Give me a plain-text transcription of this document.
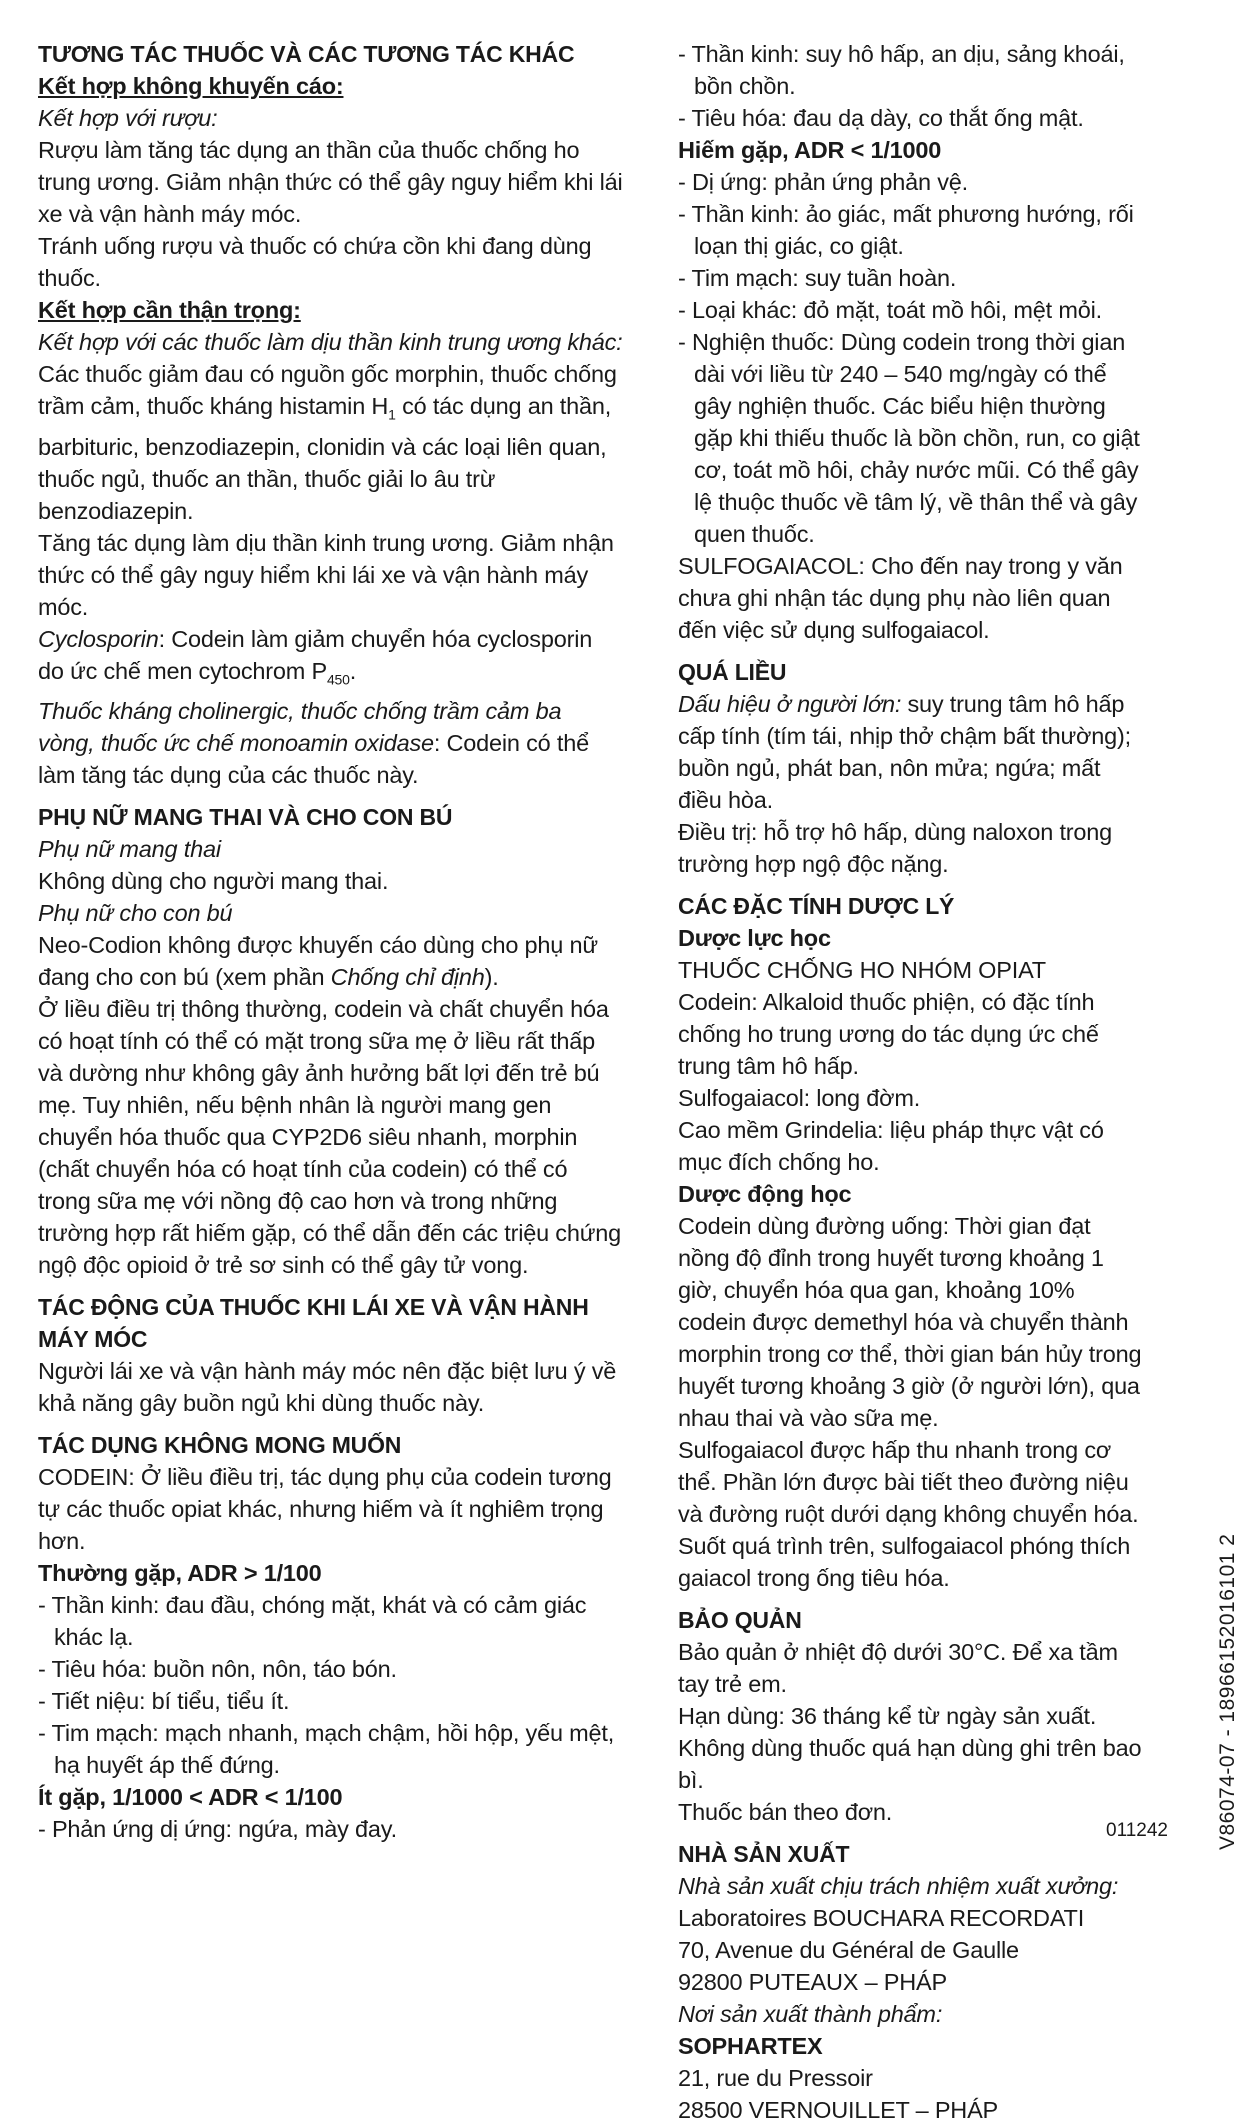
TƯƠNG TÁC THUỐC VÀ CÁC TƯƠNG TÁC KHÁC

Kết hợp không khuyến cáo:

Kết hợp với rượu:

Rượu làm tăng tác dụng an thần của thuốc chống ho trung ương. Giảm nhận thức có thể gây nguy hiểm khi lái xe và vận hành máy móc.

Tránh uống rượu và thuốc có chứa cồn khi đang dùng thuốc.

Kết hợp cần thận trọng:

Kết hợp với các thuốc làm dịu thần kinh trung ương khác:

Các thuốc giảm đau có nguồn gốc morphin, thuốc chống trầm cảm, thuốc kháng histamin $H_1$ có tác dụng an thần, barbituric, benzodiazepin, clonidin và các loại liên quan, thuốc ngủ, thuốc an thần, thuốc giải lo âu trừ benzodiazepin.

Tăng tác dụng làm dịu thần kinh trung ương. Giảm nhận thức có thể gây nguy hiểm khi lái xe và vận hành máy móc.

Cyclosporin: Codein làm giảm chuyển hóa cyclosporin do ức chế men cytochrom $P_{450}$.

Thuốc kháng cholinergic, thuốc chống trầm cảm ba vòng, thuốc ức chế monoamin oxidase: Codein có thể làm tăng tác dụng của các thuốc này.

PHỤ NỮ MANG THAI VÀ CHO CON BÚ

Phụ nữ mang thai

Không dùng cho người mang thai.

Phụ nữ cho con bú

Neo-Codion không được khuyến cáo dùng cho phụ nữ đang cho con bú (xem phần Chống chỉ định).

Ở liều điều trị thông thường, codein và chất chuyển hóa có hoạt tính có thể có mặt trong sữa mẹ ở liều rất thấp và dường như không gây ảnh hưởng bất lợi đến trẻ bú mẹ. Tuy nhiên, nếu bệnh nhân là người mang gen chuyển hóa thuốc qua CYP2D6 siêu nhanh, morphin (chất chuyển hóa có hoạt tính của codein) có thể có trong sữa mẹ với nồng độ cao hơn và trong những trường hợp rất hiếm gặp, có thể dẫn đến các triệu chứng ngộ độc opioid ở trẻ sơ sinh có thể gây tử vong.

TÁC ĐỘNG CỦA THUỐC KHI LÁI XE VÀ VẬN HÀNH MÁY MÓC

Người lái xe và vận hành máy móc nên đặc biệt lưu ý về khả năng gây buồn ngủ khi dùng thuốc này.

TÁC DỤNG KHÔNG MONG MUỐN

CODEIN: Ở liều điều trị, tác dụng phụ của codein tương tự các thuốc opiat khác, nhưng hiếm và ít nghiêm trọng hơn.

Thường gặp, ADR > 1/100

- Thần kinh: đau đầu, chóng mặt, khát và có cảm giác khác lạ.

- Tiêu hóa: buồn nôn, nôn, táo bón.

- Tiết niệu: bí tiểu, tiểu ít.

- Tim mạch: mạch nhanh, mạch chậm, hồi hộp, yếu mệt, hạ huyết áp thế đứng.

Ít gặp, 1/1000 < ADR < 1/100

- Phản ứng dị ứng: ngứa, mày đay.

- Thần kinh: suy hô hấp, an dịu, sảng khoái, bồn chồn.

- Tiêu hóa: đau dạ dày, co thắt ống mật.

Hiếm gặp, ADR < 1/1000

- Dị ứng: phản ứng phản vệ.

- Thần kinh: ảo giác, mất phương hướng, rối loạn thị giác, co giật.

- Tim mạch: suy tuần hoàn.

- Loại khác: đỏ mặt, toát mồ hôi, mệt mỏi.

- Nghiện thuốc: Dùng codein trong thời gian dài với liều từ 240 – 540 mg/ngày có thể gây nghiện thuốc. Các biểu hiện thường gặp khi thiếu thuốc là bồn chồn, run, co giật cơ, toát mồ hôi, chảy nước mũi. Có thể gây lệ thuộc thuốc về tâm lý, về thân thể và gây quen thuốc.

SULFOGAIACOL: Cho đến nay trong y văn chưa ghi nhận tác dụng phụ nào liên quan đến việc sử dụng sulfogaiacol.

QUÁ LIỀU

Dấu hiệu ở người lớn: suy trung tâm hô hấp cấp tính (tím tái, nhịp thở chậm bất thường); buồn ngủ, phát ban, nôn mửa; ngứa; mất điều hòa.

Điều trị: hỗ trợ hô hấp, dùng naloxon trong trường hợp ngộ độc nặng.

CÁC ĐẶC TÍNH DƯỢC LÝ

Dược lực học

THUỐC CHỐNG HO NHÓM OPIAT

Codein: Alkaloid thuốc phiện, có đặc tính chống ho trung ương do tác dụng ức chế trung tâm hô hấp.

Sulfogaiacol: long đờm.

Cao mềm Grindelia: liệu pháp thực vật có mục đích chống ho.

Dược động học

Codein dùng đường uống: Thời gian đạt nồng độ đỉnh trong huyết tương khoảng 1 giờ, chuyển hóa qua gan, khoảng 10% codein được demethyl hóa và chuyển thành morphin trong cơ thể, thời gian bán hủy trong huyết tương khoảng 3 giờ (ở người lớn), qua nhau thai và vào sữa mẹ.

Sulfogaiacol được hấp thu nhanh trong cơ thể. Phần lớn được bài tiết theo đường niệu và đường ruột dưới dạng không chuyển hóa. Suốt quá trình trên, sulfogaiacol phóng thích gaiacol trong ống tiêu hóa.

BẢO QUẢN

Bảo quản ở nhiệt độ dưới 30°C. Để xa tầm tay trẻ em.

Hạn dùng: 36 tháng kể từ ngày sản xuất.

Không dùng thuốc quá hạn dùng ghi trên bao bì.

Thuốc bán theo đơn.

NHÀ SẢN XUẤT

Nhà sản xuất chịu trách nhiệm xuất xưởng:

Laboratoires BOUCHARA RECORDATI

70, Avenue du Général de Gaulle

92800 PUTEAUX – PHÁP

Nơi sản xuất thành phẩm:

SOPHARTEX

21, rue du Pressoir

28500 VERNOUILLET – PHÁP

V86074-07 - 18966152016101 2
011242
